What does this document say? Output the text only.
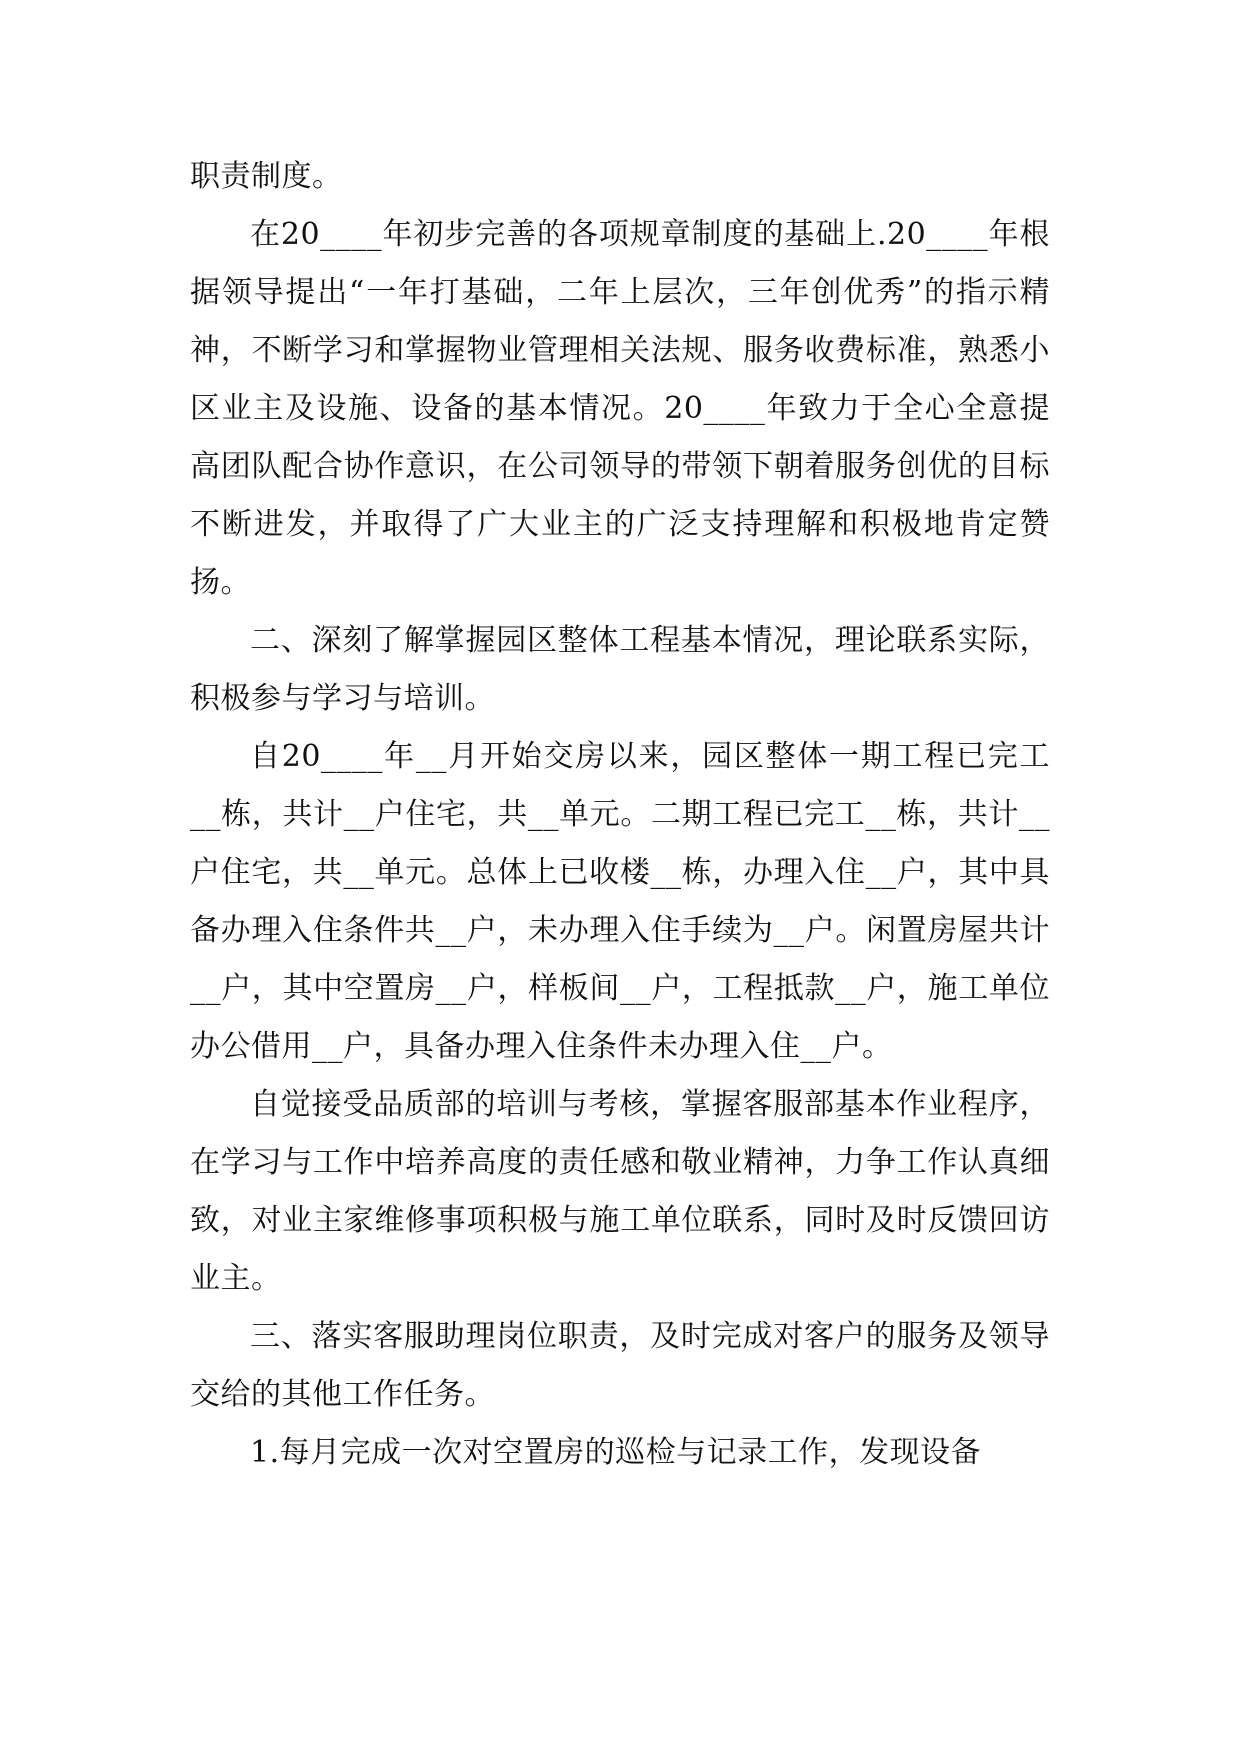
职责制度。

在20____年初步完善的各项规章制度的基础上.20____年根据领导提出“一年打基础，二年上层次，三年创优秀”的指示精神，不断学习和掌握物业管理相关法规、服务收费标准，熟悉小区业主及设施、设备的基本情况。20____年致力于全心全意提高团队配合协作意识，在公司领导的带领下朝着服务创优的目标不断进发，并取得了广大业主的广泛支持理解和积极地肯定赞扬。

二、深刻了解掌握园区整体工程基本情况，理论联系实际，积极参与学习与培训。

自20____年__月开始交房以来，园区整体一期工程已完工__栋，共计__户住宅，共__单元。二期工程已完工__栋，共计__户住宅，共__单元。总体上已收楼__栋，办理入住__户，其中具备办理入住条件共__户，未办理入住手续为__户。闲置房屋共计__户，其中空置房__户，样板间__户，工程抵款__户，施工单位办公借用__户，具备办理入住条件未办理入住__户。

自觉接受品质部的培训与考核，掌握客服部基本作业程序，在学习与工作中培养高度的责任感和敬业精神，力争工作认真细致，对业主家维修事项积极与施工单位联系，同时及时反馈回访业主。

三、落实客服助理岗位职责，及时完成对客户的服务及领导交给的其他工作任务。

1.每月完成一次对空置房的巡检与记录工作，发现设备
